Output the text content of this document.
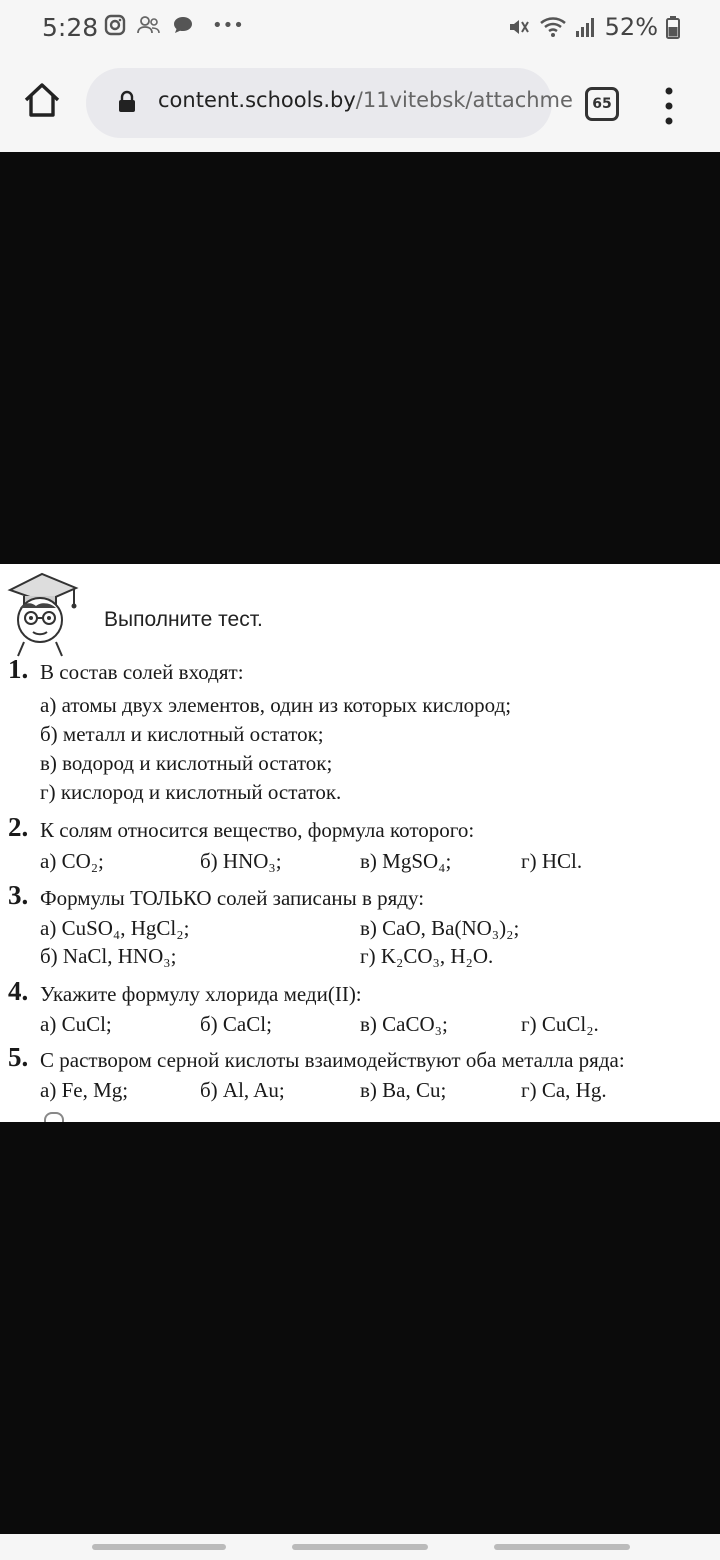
5:28	•••	52%
content.schools.by/11vitebsk/attachme 65
Выполните тест.
1. В состав солей входят:
а) атомы двух элементов, один из которых кислород;
б) металл и кислотный остаток;
в) водород и кислотный остаток;
г) кислород и кислотный остаток.
2. К солям относится вещество, формула которого:
а) CO₂;	б) HNO₃;	в) MgSO₄;	г) HCl.
3. Формулы ТОЛЬКО солей записаны в ряду:
а) CuSO₄, HgCl₂;	в) CaO, Ba(NO₃)₂;
б) NaCl, HNO₃;	г) K₂CO₃, H₂O.
4. Укажите формулу хлорида меди(II):
а) CuCl;	б) CaCl;	в) CaCO₃;	г) CuCl₂.
5. С раствором серной кислоты взаимодействуют оба металла ряда:
а) Fe, Mg;	б) Al, Au;	в) Ba, Cu;	г) Ca, Hg.
